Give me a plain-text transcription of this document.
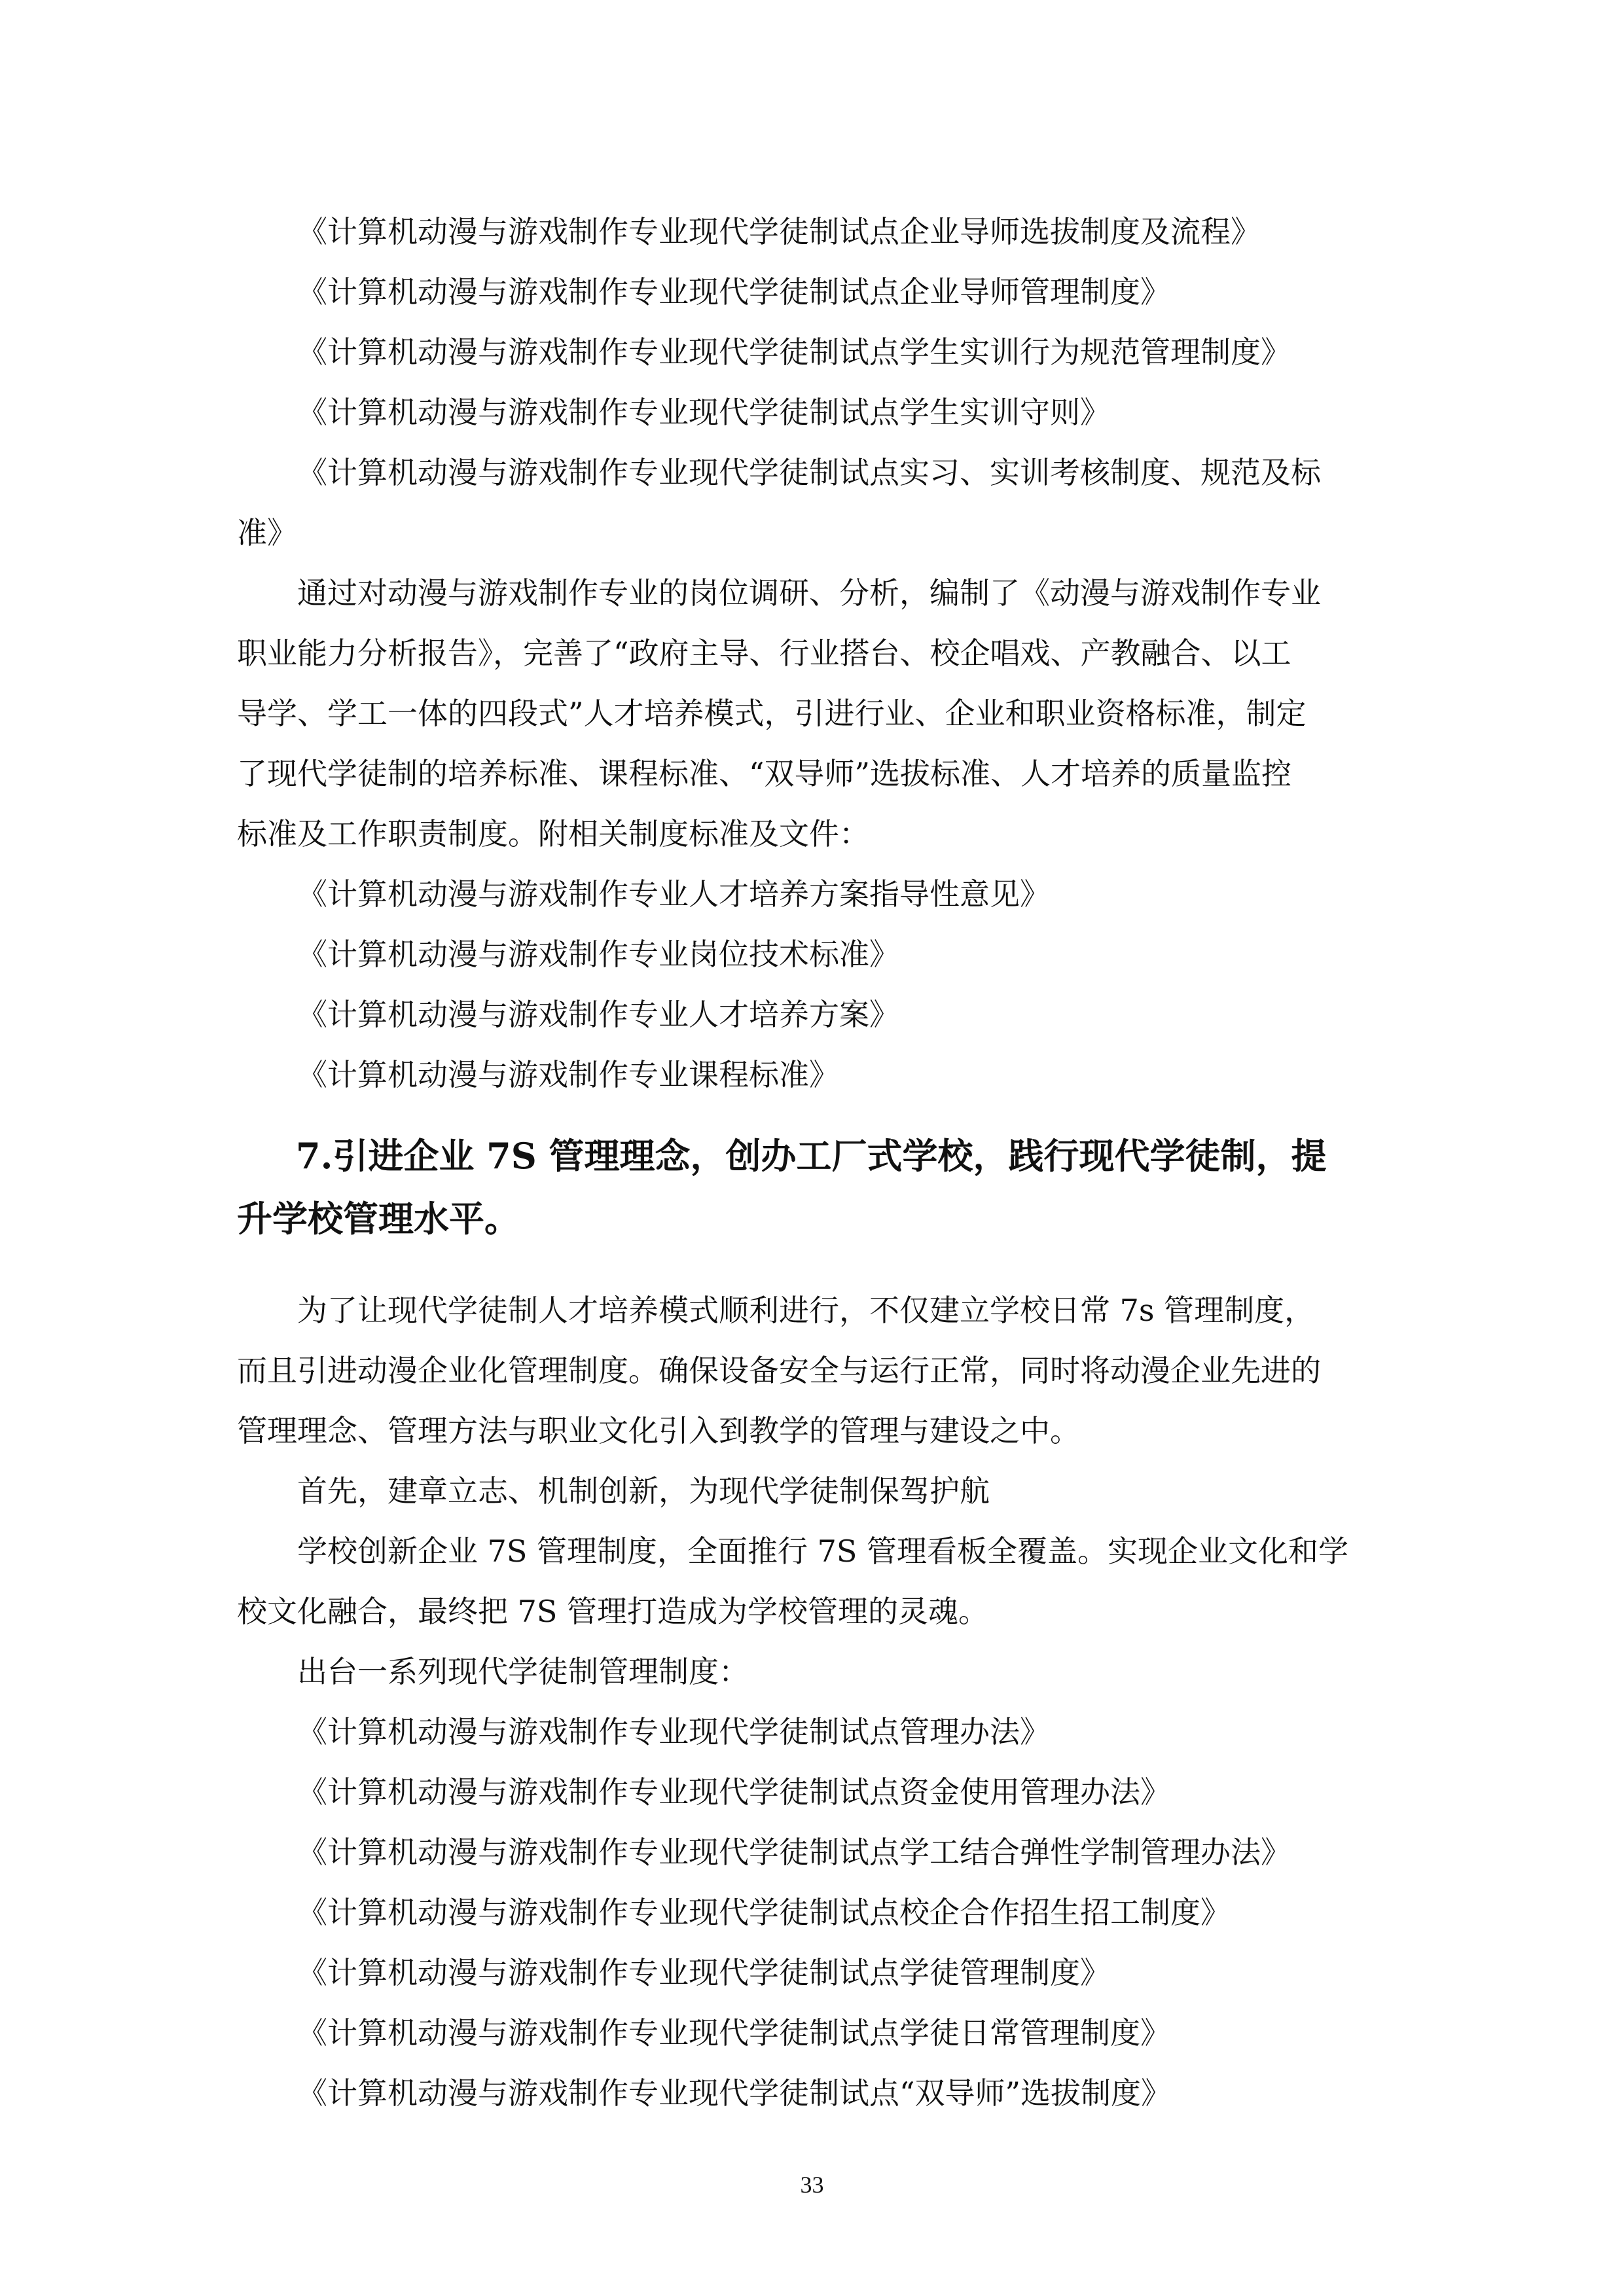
《计算机动漫与游戏制作专业现代学徒制试点企业导师选拔制度及流程》
《计算机动漫与游戏制作专业现代学徒制试点企业导师管理制度》
《计算机动漫与游戏制作专业现代学徒制试点学生实训行为规范管理制度》
《计算机动漫与游戏制作专业现代学徒制试点学生实训守则》
《计算机动漫与游戏制作专业现代学徒制试点实习、实训考核制度、规范及标
准》
通过对动漫与游戏制作专业的岗位调研、分析，编制了《动漫与游戏制作专业
职业能力分析报告》，完善了“政府主导、行业搭台、校企唱戏、产教融合、以工
导学、学工一体的四段式”人才培养模式，引进行业、企业和职业资格标准，制定
了现代学徒制的培养标准、课程标准、“双导师”选拔标准、人才培养的质量监控
标准及工作职责制度。附相关制度标准及文件：
《计算机动漫与游戏制作专业人才培养方案指导性意见》
《计算机动漫与游戏制作专业岗位技术标准》
《计算机动漫与游戏制作专业人才培养方案》
《计算机动漫与游戏制作专业课程标准》
7.引进企业 7S 管理理念，创办工厂式学校，践行现代学徒制，提
升学校管理水平。
为了让现代学徒制人才培养模式顺利进行，不仅建立学校日常 7s 管理制度，
而且引进动漫企业化管理制度。确保设备安全与运行正常，同时将动漫企业先进的
管理理念、管理方法与职业文化引入到教学的管理与建设之中。
首先，建章立志、机制创新，为现代学徒制保驾护航
学校创新企业 7S 管理制度，全面推行 7S 管理看板全覆盖。实现企业文化和学
校文化融合，最终把 7S 管理打造成为学校管理的灵魂。
出台一系列现代学徒制管理制度：
《计算机动漫与游戏制作专业现代学徒制试点管理办法》
《计算机动漫与游戏制作专业现代学徒制试点资金使用管理办法》
《计算机动漫与游戏制作专业现代学徒制试点学工结合弹性学制管理办法》
《计算机动漫与游戏制作专业现代学徒制试点校企合作招生招工制度》
《计算机动漫与游戏制作专业现代学徒制试点学徒管理制度》
《计算机动漫与游戏制作专业现代学徒制试点学徒日常管理制度》
《计算机动漫与游戏制作专业现代学徒制试点“双导师”选拔制度》
33
